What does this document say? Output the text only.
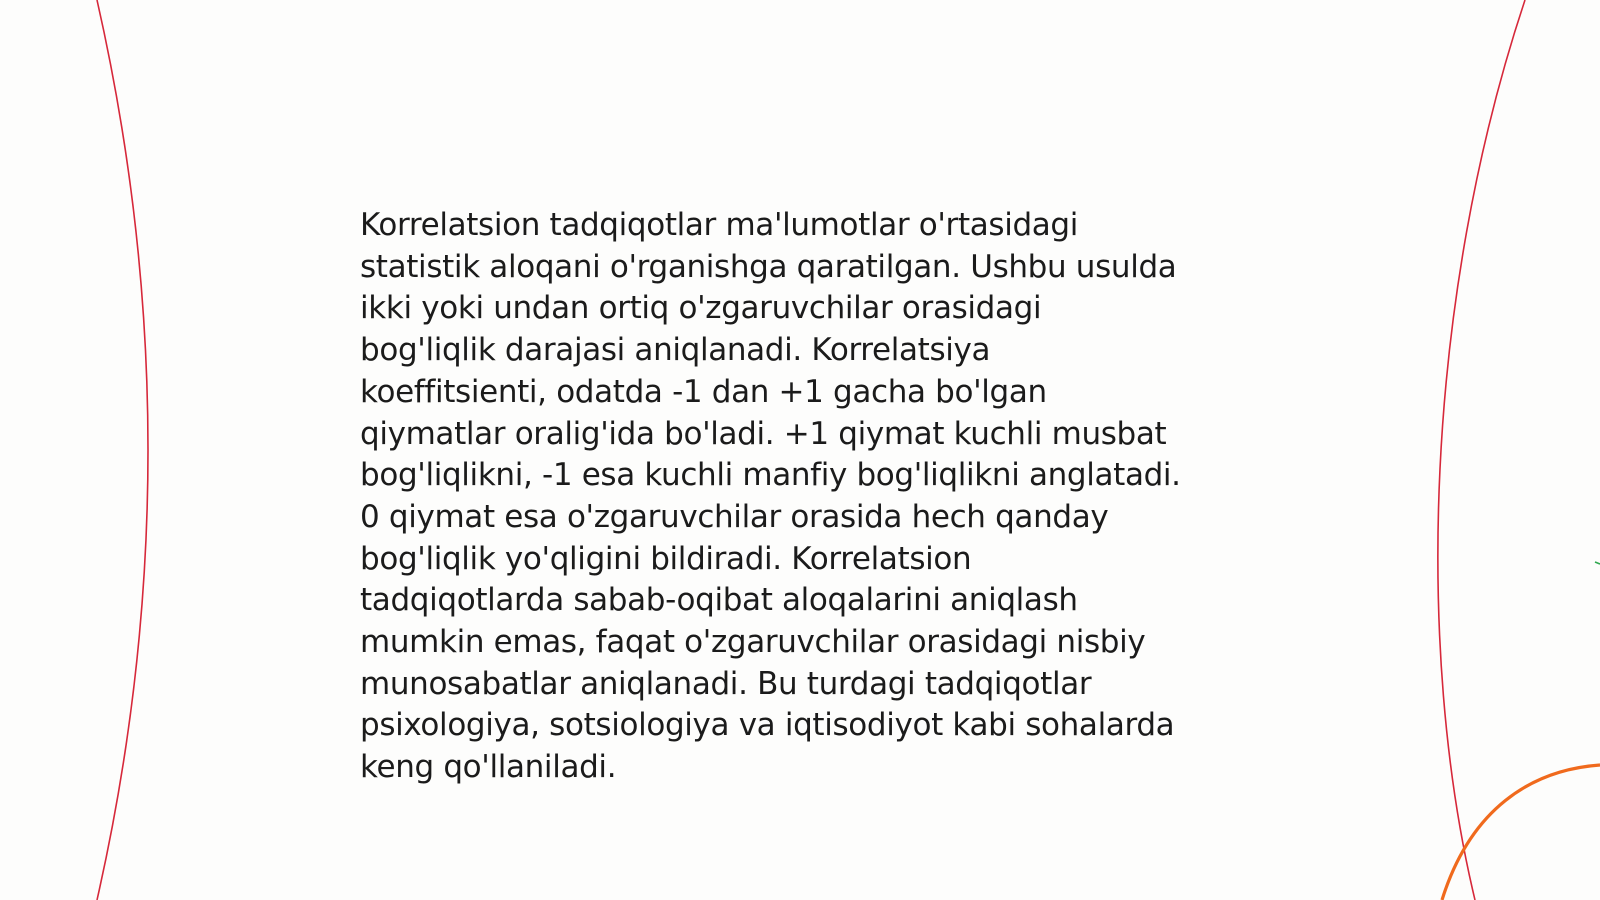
Korrelatsion tadqiqotlar ma'lumotlar o'rtasidagi
statistik aloqani o'rganishga qaratilgan. Ushbu usulda
ikki yoki undan ortiq o'zgaruvchilar orasidagi
bog'liqlik darajasi aniqlanadi. Korrelatsiya
koeffitsienti, odatda -1 dan +1 gacha bo'lgan
qiymatlar oralig'ida bo'ladi. +1 qiymat kuchli musbat
bog'liqlikni, -1 esa kuchli manfiy bog'liqlikni anglatadi.
0 qiymat esa o'zgaruvchilar orasida hech qanday
bog'liqlik yo'qligini bildiradi. Korrelatsion
tadqiqotlarda sabab-oqibat aloqalarini aniqlash
mumkin emas, faqat o'zgaruvchilar orasidagi nisbiy
munosabatlar aniqlanadi. Bu turdagi tadqiqotlar
psixologiya, sotsiologiya va iqtisodiyot kabi sohalarda
keng qo'llaniladi.
